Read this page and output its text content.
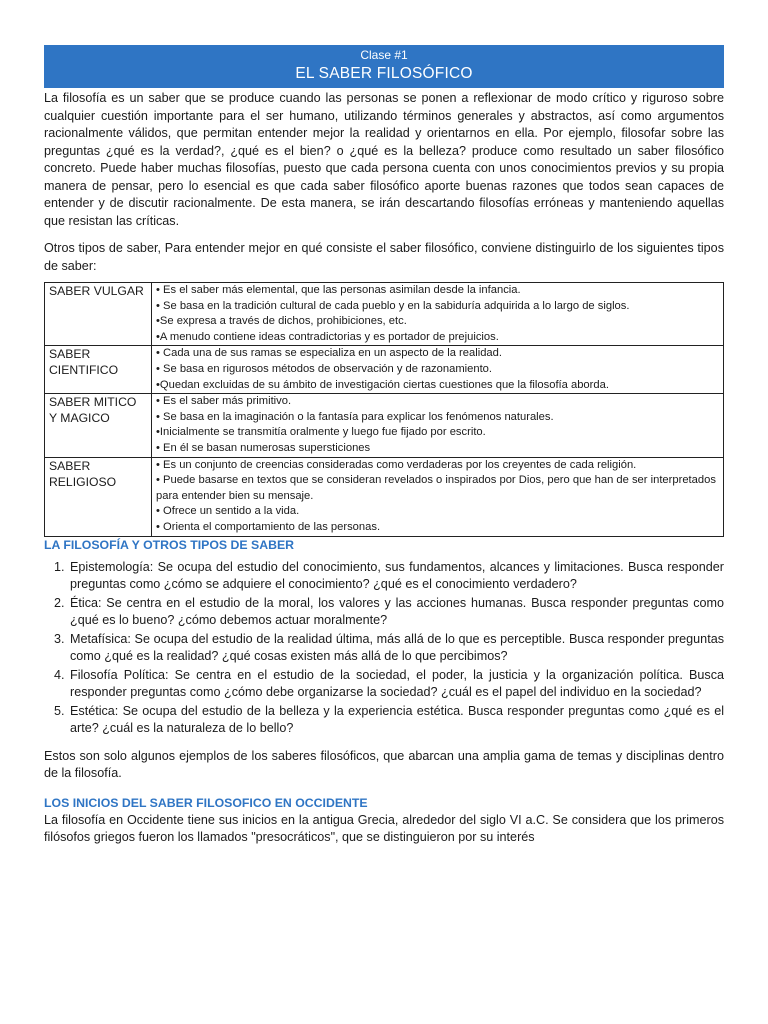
Clase #1
EL SABER FILOSÓFICO

La filosofía es un saber que se produce cuando las personas se ponen a reflexionar de modo crítico y riguroso sobre cualquier cuestión importante para el ser humano, utilizando términos generales y abstractos, así como argumentos racionalmente válidos, que permitan entender mejor la realidad y orientarnos en ella. Por ejemplo, filosofar sobre las preguntas ¿qué es la verdad?, ¿qué es el bien? o ¿qué es la belleza? produce como resultado un saber filosófico concreto. Puede haber muchas filosofías, puesto que cada persona cuenta con unos conocimientos previos y su propia manera de pensar, pero lo esencial es que cada saber filosófico aporte buenas razones que todos sean capaces de entender y de discutir racionalmente. De esta manera, se irán descartando filosofías erróneas y manteniendo aquellas que resistan las críticas.

Otros tipos de saber, Para entender mejor en qué consiste el saber filosófico, conviene distinguirlo de los siguientes tipos de saber:

SABER VULGAR	• Es el saber más elemental, que las personas asimilan desde la infancia.
• Se basa en la tradición cultural de cada pueblo y en la sabiduría adquirida a lo largo de siglos.
•Se expresa a través de dichos, prohibiciones, etc.
•A menudo contiene ideas contradictorias y es portador de prejuicios.

SABER CIENTIFICO	• Cada una de sus ramas se especializa en un aspecto de la realidad.
• Se basa en rigurosos métodos de observación y de razonamiento.
•Quedan excluidas de su ámbito de investigación ciertas cuestiones que la filosofía aborda.

SABER MITICO Y MAGICO	• Es el saber más primitivo.
• Se basa en la imaginación o la fantasía para explicar los fenómenos naturales.
•Inicialmente se transmitía oralmente y luego fue fijado por escrito.
• En él se basan numerosas supersticiones

SABER RELIGIOSO	• Es un conjunto de creencias consideradas como verdaderas por los creyentes de cada religión.
• Puede basarse en textos que se consideran revelados o inspirados por Dios, pero que han de ser interpretados para entender bien su mensaje.
• Ofrece un sentido a la vida.
• Orienta el comportamiento de las personas.

LA FILOSOFÍA Y OTROS TIPOS DE SABER

1. Epistemología: Se ocupa del estudio del conocimiento, sus fundamentos, alcances y limitaciones. Busca responder preguntas como ¿cómo se adquiere el conocimiento? ¿qué es el conocimiento verdadero?
2. Ética: Se centra en el estudio de la moral, los valores y las acciones humanas. Busca responder preguntas como ¿qué es lo bueno? ¿cómo debemos actuar moralmente?
3. Metafísica: Se ocupa del estudio de la realidad última, más allá de lo que es perceptible. Busca responder preguntas como ¿qué es la realidad? ¿qué cosas existen más allá de lo que percibimos?
4. Filosofía Política: Se centra en el estudio de la sociedad, el poder, la justicia y la organización política. Busca responder preguntas como ¿cómo debe organizarse la sociedad? ¿cuál es el papel del individuo en la sociedad?
5. Estética: Se ocupa del estudio de la belleza y la experiencia estética. Busca responder preguntas como ¿qué es el arte? ¿cuál es la naturaleza de lo bello?

Estos son solo algunos ejemplos de los saberes filosóficos, que abarcan una amplia gama de temas y disciplinas dentro de la filosofía.

LOS INICIOS DEL SABER FILOSOFICO EN OCCIDENTE

La filosofía en Occidente tiene sus inicios en la antigua Grecia, alrededor del siglo VI a.C. Se considera que los primeros filósofos griegos fueron los llamados "presocráticos", que se distinguieron por su interés
